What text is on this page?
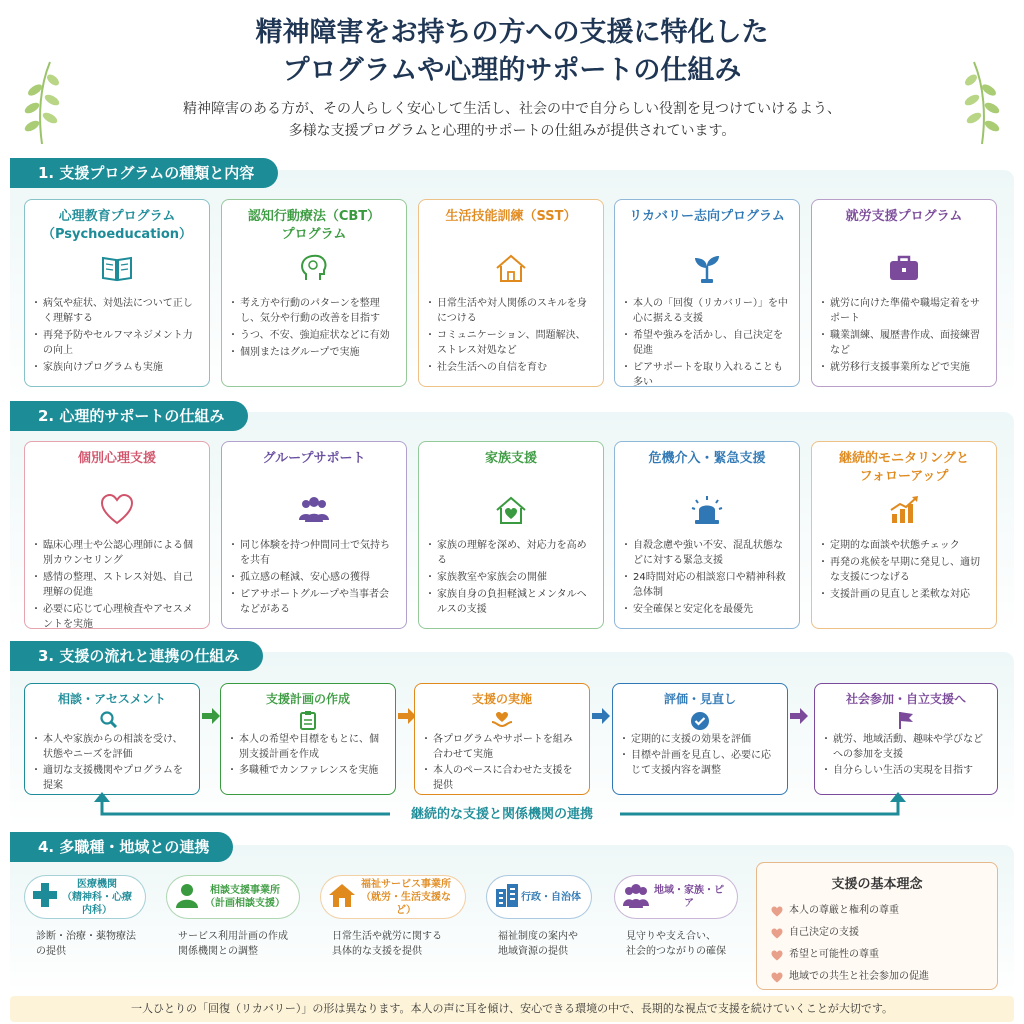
精神障害をお持ちの方への支援に特化した
プログラムや心理的サポートの仕組み
精神障害のある方が、その人らしく安心して生活し、社会の中で自分らしい役割を見つけていけるよう、
多様な支援プログラムと心理的サポートの仕組みが提供されています。
1. 支援プログラムの種類と内容
心理教育プログラム
（Psychoeducation）
・ 病気や症状、対処法について正しく理解する
・ 再発予防やセルフマネジメント力の向上
・ 家族向けプログラムも実施
認知行動療法（CBT）
プログラム
・ 考え方や行動のパターンを整理し、気分や行動の改善を目指す
・ うつ、不安、強迫症状などに有効
・ 個別またはグループで実施
生活技能訓練（SST）
・ 日常生活や対人関係のスキルを身につける
・ コミュニケーション、問題解決、ストレス対処など
・ 社会生活への自信を育む
リカバリー志向プログラム
・ 本人の「回復（リカバリー）」を中心に据える支援
・ 希望や強みを活かし、自己決定を促進
・ ピアサポートを取り入れることも多い
就労支援プログラム
・ 就労に向けた準備や職場定着をサポート
・ 職業訓練、履歴書作成、面接練習など
・ 就労移行支援事業所などで実施
2. 心理的サポートの仕組み
個別心理支援
・ 臨床心理士や公認心理師による個別カウンセリング
・ 感情の整理、ストレス対処、自己理解の促進
・ 必要に応じて心理検査やアセスメントを実施
グループサポート
・ 同じ体験を持つ仲間同士で気持ちを共有
・ 孤立感の軽減、安心感の獲得
・ ピアサポートグループや当事者会などがある
家族支援
・ 家族の理解を深め、対応力を高める
・ 家族教室や家族会の開催
・ 家族自身の負担軽減とメンタルヘルスの支援
危機介入・緊急支援
・ 自殺念慮や強い不安、混乱状態などに対する緊急支援
・ 24時間対応の相談窓口や精神科救急体制
・ 安全確保と安定化を最優先
継続的モニタリングと
フォローアップ
・ 定期的な面談や状態チェック
・ 再発の兆候を早期に発見し、適切な支援につなげる
・ 支援計画の見直しと柔軟な対応
3. 支援の流れと連携の仕組み
相談・アセスメント
・ 本人や家族からの相談を受け、状態やニーズを評価
・ 適切な支援機関やプログラムを提案
支援計画の作成
・ 本人の希望や目標をもとに、個別支援計画を作成
・ 多職種でカンファレンスを実施
支援の実施
・ 各プログラムやサポートを組み合わせて実施
・ 本人のペースに合わせた支援を提供
評価・見直し
・ 定期的に支援の効果を評価
・ 目標や計画を見直し、必要に応じて支援内容を調整
社会参加・自立支援へ
・ 就労、地域活動、趣味や学びなどへの参加を支援
・ 自分らしい生活の実現を目指す
継続的な支援と関係機関の連携
4. 多職種・地域との連携
医療機関
（精神科・心療内科）
診断・治療・薬物療法
の提供
相談支援事業所
（計画相談支援）
サービス利用計画の作成
関係機関との調整
福祉サービス事業所
（就労・生活支援など）
日常生活や就労に関する
具体的な支援を提供
行政・自治体
福祉制度の案内や
地域資源の提供
地域・家族・ピア
見守りや支え合い、
社会的つながりの確保
支援の基本理念
本人の尊厳と権利の尊重
自己決定の支援
希望と可能性の尊重
地域での共生と社会参加の促進
一人ひとりの「回復（リカバリー）」の形は異なります。本人の声に耳を傾け、安心できる環境の中で、長期的な視点で支援を続けていくことが大切です。
